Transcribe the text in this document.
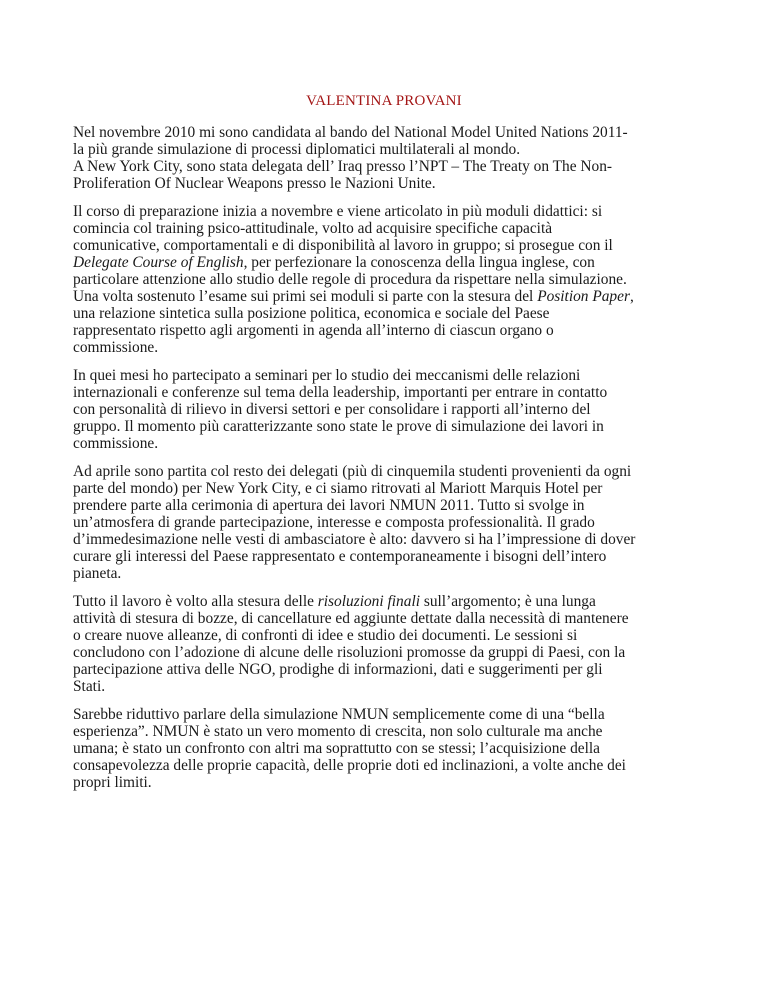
VALENTINA PROVANI

Nel novembre 2010 mi sono candidata al bando del National Model United Nations 2011-
la più grande simulazione di processi diplomatici multilaterali al mondo.
A New York City, sono stata delegata dell’ Iraq presso l’NPT – The Treaty on The Non-
Proliferation Of Nuclear Weapons presso le Nazioni Unite.

Il corso di preparazione inizia a novembre e viene articolato in più moduli didattici: si
comincia col training psico-attitudinale, volto ad acquisire specifiche capacità
comunicative, comportamentali e di disponibilità al lavoro in gruppo; si prosegue con il
Delegate Course of English, per perfezionare la conoscenza della lingua inglese, con
particolare attenzione allo studio delle regole di procedura da rispettare nella simulazione.
Una volta sostenuto l’esame sui primi sei moduli si parte con la stesura del Position Paper,
una relazione sintetica sulla posizione politica, economica e sociale del Paese
rappresentato rispetto agli argomenti in agenda all’interno di ciascun organo o
commissione.

In quei mesi ho partecipato a seminari per lo studio dei meccanismi delle relazioni
internazionali e conferenze sul tema della leadership, importanti per entrare in contatto
con personalità di rilievo in diversi settori e per consolidare i rapporti all’interno del
gruppo. Il momento più caratterizzante sono state le prove di simulazione dei lavori in
commissione.

Ad aprile sono partita col resto dei delegati (più di cinquemila studenti provenienti da ogni
parte del mondo) per New York City, e ci siamo ritrovati al Mariott Marquis Hotel per
prendere parte alla cerimonia di apertura dei lavori NMUN 2011. Tutto si svolge in
un’atmosfera di grande partecipazione, interesse e composta professionalità. Il grado
d’immedesimazione nelle vesti di ambasciatore è alto: davvero si ha l’impressione di dover
curare gli interessi del Paese rappresentato e contemporaneamente i bisogni dell’intero
pianeta.

Tutto il lavoro è volto alla stesura delle risoluzioni finali sull’argomento; è una lunga
attività di stesura di bozze, di cancellature ed aggiunte dettate dalla necessità di mantenere
o creare nuove alleanze, di confronti di idee e studio dei documenti. Le sessioni si
concludono con l’adozione di alcune delle risoluzioni promosse da gruppi di Paesi, con la
partecipazione attiva delle NGO, prodighe di informazioni, dati e suggerimenti per gli
Stati.

Sarebbe riduttivo parlare della simulazione NMUN semplicemente come di una “bella
esperienza”. NMUN è stato un vero momento di crescita, non solo culturale ma anche
umana; è stato un confronto con altri ma soprattutto con se stessi; l’acquisizione della
consapevolezza delle proprie capacità, delle proprie doti ed inclinazioni, a volte anche dei
propri limiti.
